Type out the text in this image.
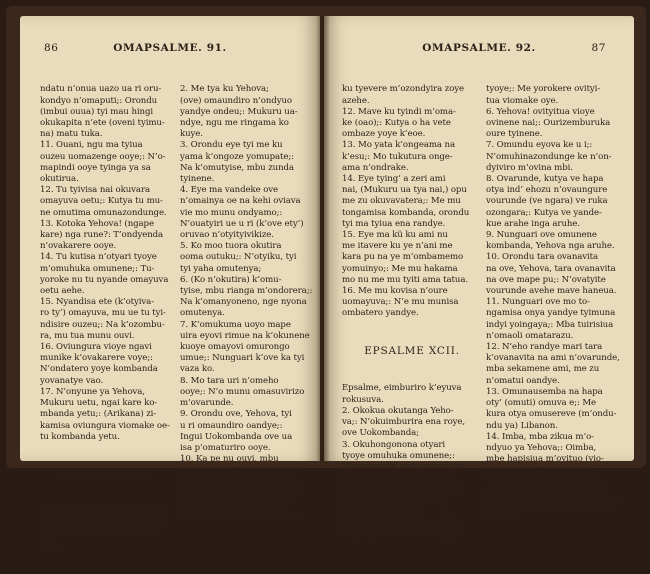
86	OMAPSALME. 91.

ndatu n’onua uazo ua ri oru-
kondyo n’omaputi;: Orondu
(imbui ouua) tyi mau hingi
okukapita n’ete (oveni tyimu-
na) matu tuka.
11. Ouani, ngu ma tyiua
ouzeu uomazenge ooye;: N’o-
mapindi ooye tyinga ya sa
okutirua.
12. Tu tyivisa nai okuvara
omayuva oetu;: Kutya tu mu-
ne omutima omunazondunge.
13. Kotoka Yehova! (ngape
kare) nga rune?: T’ondyenda
n’ovakarere ooye.
14. Tu kutisa n’otyari tyoye
m’omuhuka omunene;: Tu-
yoroke nu tu nyande omayuva
oetu aehe.
15. Nyandisa ete (k’otyiva-
ro ty’) omayuva, mu ue tu tyi-
ndisire ouzeu;: Na k’ozombu-
ra, mu tua munu ouvi.
16. Oviungura vioye ngavi
munike k’ovakarere voye;:
N’ondatero yoye kombanda
yovanatye vao.
17. N’onyune ya Yehova,
Mukuru uetu, ngai kare ko-
mbanda yetu;: (Arikana) zi-
kamisa oviungura viomake oe-
tu kombanda yetu.

EPSALME XCI.

Ngu ma kara m’omaundikiro
uUokombanda;: Ma rire ngu
ua rara m’omuzire uOmuzu-
zeu.

2. Me tya ku Yehova;
(ove) omaundiro n’ondyuo
yandye ondeu;: Mukuru ua-
ndye, ngu me ringama ko
kuye.
3. Orondu eye tyi me ku
yama k’ongoze yomupate;:
Na k’omutyise, mbu zunda
tyinene.
4. Eye ma vandeke ove
n’omainya oe na kehi oviava
vie mo munu ondyamo;:
N’ouatyiri ue u ri (k’ove ety’)
oruvao n’otyityivikize.
5. Ko moo tuora okutira
ooma outuku;: N’otyiku, tyi
tyi yaha omutenya;
6. (Ko n’okutira) k’omu-
tyise, mbu rianga m’ondorera;:
Na k’omanyoneno, nge nyona
omutenya.
7. K’omukuma uoyo mape
uira eyovi rimue na k’okunene
kuoye omayovi omurongo
umue;: Nunguari k’ove ka tyi
vaza ko.
8. Mo tara uri n’omeho
ooye;: N’o munu omasuvirizo
m’ovarunde.
9. Orondu ove, Yehova, tyi
u ri omaundiro oandye;:
Ingui Uokombanda ove ua
isa p’omaturiro ooye.
10. Ka pe nu ouvi, mbu
mau pumaukire m’ove;: N’o-
tyihihamire atyihe ke tyi na
kutumbuka k’otyitente tyoye.
11. Orondu tyi ma rayere
ove ovaengeli ve;: Kutya, ve

OMAPSALME. 92.	87

ku tyevere m’ozondyira zoye
azehe.
12. Mave ku tyindi m’oma-
ke (oao);: Kutya o ha vete
ombaze yoye k’eoe.
13. Mo yata k’ongeama na
k’esu;: Mo tukutura onge-
ama n’ondrake.
14. Eye tying’ a zeri ami
nai, (Mukuru ua tya nai,) opu
me zu okuvavatera;: Me mu
tongamisa kombanda, orondu
tyi ma tyiua ena randye.
15. Eye ma kü ku ami nu
me itavere ku ye n’ani me
kara pu na ye m’ombamemo
yomuinyo;: Me mu hakama
mo nu me mu tyiti ama tatua.
16. Me mu kovisa n’oure
uomayuva;: N’e mu munisa
ombatero yandye.

EPSALME XCII.

Epsalme, eimburiro k’eyuva
rokusuva.
2. Okokua okutanga Yeho-
va;: N’okuimburira ena roye,
ove Uokombanda;
3. Okuhongonona otyari
tyoye omuhuka omunene;:
N’omaustyiri ooye omautuku;
4. K’ongoma yomiko omu-
rongo na k’ongoma yotyihu-
mba;: N’eimburiro, (ndyi
tyitua) k’otyiharpe.
5. Orondu ove, Yehova, ty’ue
ndyi nyandisire m’oviungura

tyoye;: Me yorokere ovityi-
tua viomake oye.
6. Yehova! ovityitua vioye
ovinene nai;: Ourizemburuka
oure tyinene.
7. Omundu eyova ke u i;:
N’omuhinazondunge ke n’on-
dyiviro m’ovina mbi.
8. Ovarunde, kutya ve hapa
otya ind’ ehozu n’ovaungure
vourunde (ve ngara) ve ruka
ozongara;: Kutya ve yande-
kue arahe inga aruhe.
9. Nunguari ove omunene
kombanda, Yehova nga aruhe.
10. Orondu tara ovanavita
na ove, Yehova, tara ovanavita
na ove mape pu;: N’ovatyite
vourunde avehe mave haneua.
11. Nunguari ove mo to-
ngamisa onya yandye tyimuna
indyi yoingaya;: Mba tuirisiua
n’omaoli omatarazu.
12. N’eho randye mari tara
k’ovanavita na ami n’ovarunde,
mba sekamene ami, me zu
n’omatui oandye.
13. Omunausemba na hapa
oty’ (omuti) omuva e;: Me
kura otya omusereve (m’ondu-
ndu ya) Libanon.
14. Imba, mba zikua m’o-
ndyuo ya Yehova;: Oimba,
mbe hapisiua m’ovituo (vio-
ndyuo ya) Mukuru uetu.
15. Ouo mave hapisa oviria
na m’ongurupiro yao;: N’ave
kara ovanune n’ovatarazu (oty’
omiti);
